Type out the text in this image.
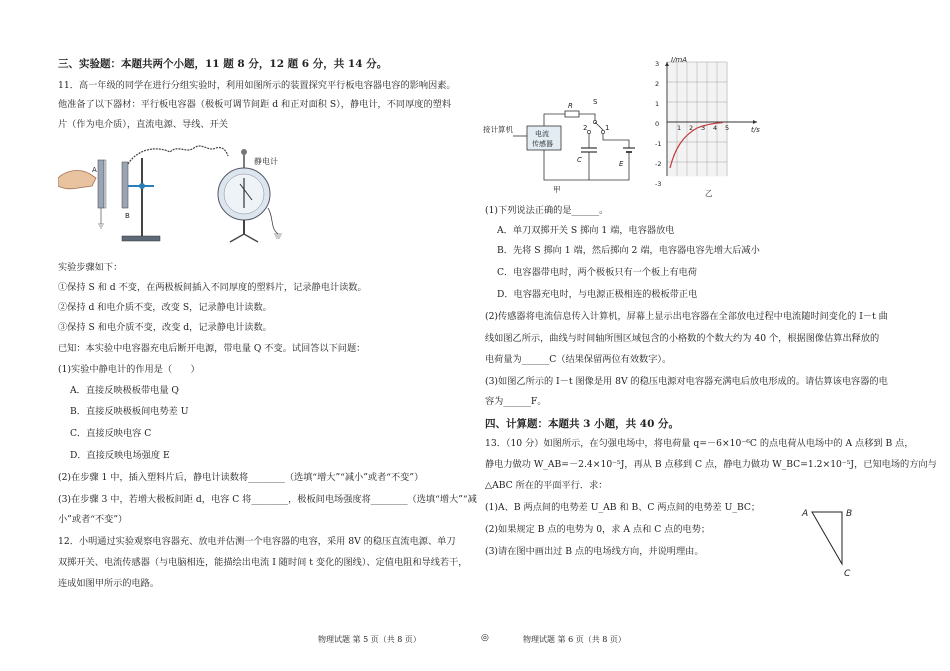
三、实验题：本题共两个小题，11 题 8 分，12 题 6 分，共 14 分。
11．高一年级的同学在进行分组实验时，利用如图所示的装置探究平行板电容器电容的影响因素。
他准备了以下器材：平行板电容器（极板可调节间距 d 和正对面积 S），静电计，不同厚度的塑料
片（作为电介质），直流电源、导线、开关
A
B
静电计
实验步骤如下：
①保持 S 和 d 不变，在两极板间插入不同厚度的塑料片，记录静电计读数。
②保持 d 和电介质不变，改变 S，记录静电计读数。
③保持 S 和电介质不变，改变 d，记录静电计读数。
已知：本实验中电容器充电后断开电源，带电量 Q 不变。试回答以下问题：
(1)实验中静电计的作用是（　　）
A．直接反映极板带电量 Q
B．直接反映极板间电势差 U
C．直接反映电容 C
D．直接反映电场强度 E
(2)在步骤 1 中，插入塑料片后，静电计读数将________（选填“增大”“减小”或者“不变”）
(3)在步骤 3 中，若增大极板间距 d，电容 C 将________，极板间电场强度将________（选填“增大”“减
小”或者“不变”）
12．小明通过实验观察电容器充、放电并估测一个电容器的电容，采用 8V 的稳压直流电源、单刀
双掷开关、电流传感器（与电脑相连，能描绘出电流 I 随时间 t 变化的图线）、定值电阻和导线若干，
连成如图甲所示的电路。
物理试题 第 5 页（共 8 页）	◎
接计算机	电流
传感器
R	S
2	1
C	E
甲
I/mA
t/s
3
2
1
0
-1
-2
-3
1 2 3 4 5
乙
(1)下列说法正确的是______。
A．单刀双掷开关 S 掷向 1 端，电容器放电
B．先将 S 掷向 1 端，然后掷向 2 端，电容器电容先增大后减小
C．电容器带电时，两个极板只有一个板上有电荷
D．电容器充电时，与电源正极相连的极板带正电
(2)传感器将电流信息传入计算机，屏幕上显示出电容器在全部放电过程中电流随时间变化的 I－t 曲
线如图乙所示，曲线与时间轴所围区域包含的小格数的个数大约为 40 个，根据图像估算出释放的
电荷量为______C（结果保留两位有效数字）。
(3)如图乙所示的 I－t 图像是用 8V 的稳压电源对电容器充满电后放电形成的。请估算该电容器的电
容为______F。
四、计算题：本题共 3 小题，共 40 分。
13．（10 分）如图所示，在匀强电场中，将电荷量 q=－6×10⁻⁶C 的点电荷从电场中的 A 点移到 B 点，
静电力做功 W_AB=－2.4×10⁻⁵J，再从 B 点移到 C 点，静电力做功 W_BC=1.2×10⁻⁵J，已知电场的方向与
△ABC 所在的平面平行．求：
(1)A、B 两点间的电势差 U_AB 和 B、C 两点间的电势差 U_BC；
(2)如果规定 B 点的电势为 0，求 A 点和 C 点的电势；
(3)请在图中画出过 B 点的电场线方向，并说明理由。
A	B
C
物理试题 第 6 页（共 8 页）
